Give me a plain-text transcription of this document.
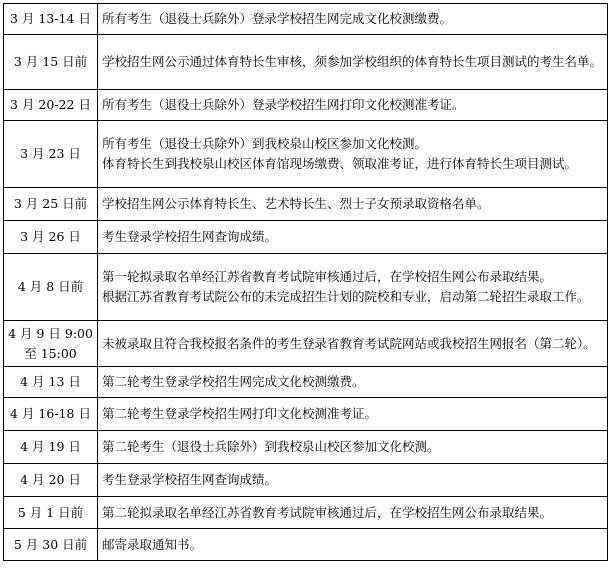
3 月 13-14 日	所有考生（退役士兵除外）登录学校招生网完成文化校测缴费。
3 月 15 日前	学校招生网公示通过体育特长生审核，须参加学校组织的体育特长生项目测试的考生名单。
3 月 20-22 日	所有考生（退役士兵除外）登录学校招生网打印文化校测准考证。
3 月 23 日	所有考生（退役士兵除外）到我校泉山校区参加文化校测。
体育特长生到我校泉山校区体育馆现场缴费、领取准考证，进行体育特长生项目测试。
3 月 25 日前	学校招生网公示体育特长生、艺术特长生、烈士子女预录取资格名单。
3 月 26 日	考生登录学校招生网查询成绩。
4 月 8 日前	第一轮拟录取名单经江苏省教育考试院审核通过后，在学校招生网公布录取结果。
根据江苏省教育考试院公布的未完成招生计划的院校和专业，启动第二轮招生录取工作。
4 月 9 日 9:00
至 15:00	未被录取且符合我校报名条件的考生登录省教育考试院网站或我校招生网报名（第二轮）。
4 月 13 日	第二轮考生登录学校招生网完成文化校测缴费。
4 月 16-18 日	第二轮考生登录学校招生网打印文化校测准考证。
4 月 19 日	第二轮考生（退役士兵除外）到我校泉山校区参加文化校测。
4 月 20 日	考生登录学校招生网查询成绩。
5 月 1 日前	第二轮拟录取名单经江苏省教育考试院审核通过后，在学校招生网公布录取结果。
5 月 30 日前	邮寄录取通知书。
